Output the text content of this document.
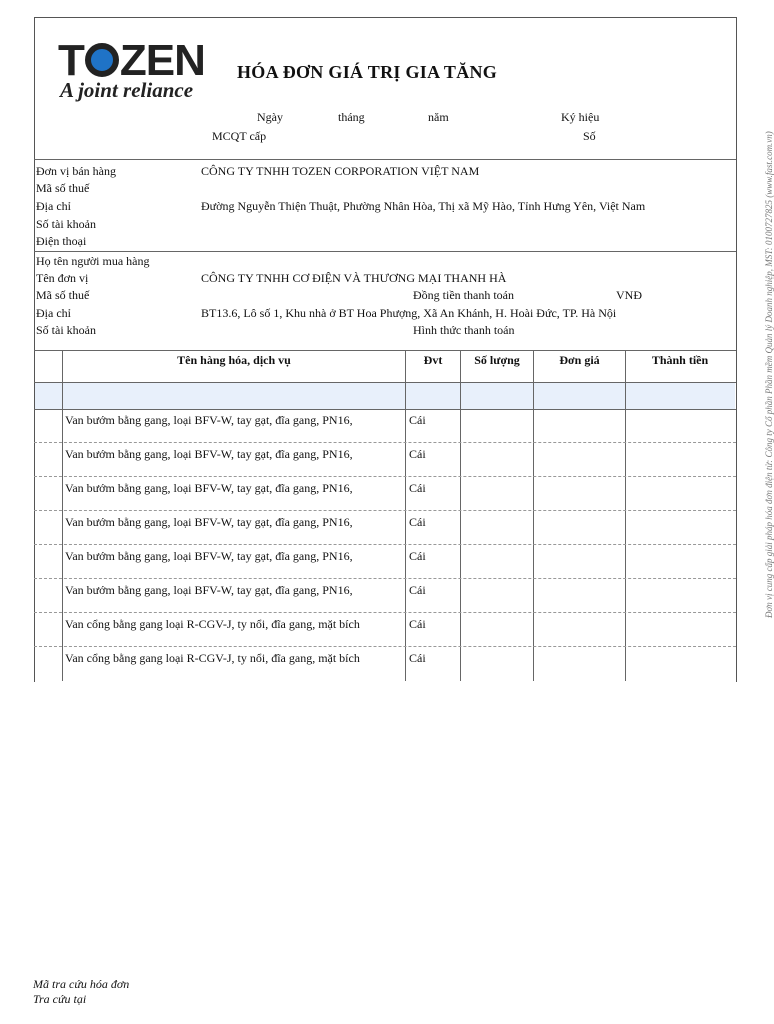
T ZEN
A joint reliance
HÓA ĐƠN GIÁ TRỊ GIA TĂNG
Ngày	tháng	năm	Ký hiệu
MCQT cấp	Số
Đơn vị bán hàng	CÔNG TY TNHH TOZEN CORPORATION VIỆT NAM
Mã số thuế
Địa chỉ	Đường Nguyễn Thiện Thuật, Phường Nhân Hòa, Thị xã Mỹ Hào, Tỉnh Hưng Yên, Việt Nam
Số tài khoản
Điện thoại
Họ tên người mua hàng
Tên đơn vị	CÔNG TY TNHH CƠ ĐIỆN VÀ THƯƠNG MẠI THANH HÀ
Mã số thuế	Đồng tiền thanh toán	VNĐ
Địa chỉ	BT13.6, Lô số 1, Khu nhà ở BT Hoa Phượng, Xã An Khánh, H. Hoài Đức, TP. Hà Nội
Số tài khoản	Hình thức thanh toán
Tên hàng hóa, dịch vụ	Đvt	Số lượng	Đơn giá	Thành tiền
Van bướm bằng gang, loại BFV-W, tay gạt, đĩa gang, PN16,	Cái
Van bướm bằng gang, loại BFV-W, tay gạt, đĩa gang, PN16,	Cái
Van bướm bằng gang, loại BFV-W, tay gạt, đĩa gang, PN16,	Cái
Van bướm bằng gang, loại BFV-W, tay gạt, đĩa gang, PN16,	Cái
Van bướm bằng gang, loại BFV-W, tay gạt, đĩa gang, PN16,	Cái
Van bướm bằng gang, loại BFV-W, tay gạt, đĩa gang, PN16,	Cái
Van cổng bằng gang loại R-CGV-J, ty nổi, đĩa gang, mặt bích	Cái
Van cổng bằng gang loại R-CGV-J, ty nổi, đĩa gang, mặt bích	Cái
Đơn vị cung cấp giải pháp hóa đơn điện tử: Công ty Cổ phần Phần mềm Quản lý Doanh nghiệp, MST: 0100727825 (www.fast.com.vn)
Mã tra cứu hóa đơn
Tra cứu tại
